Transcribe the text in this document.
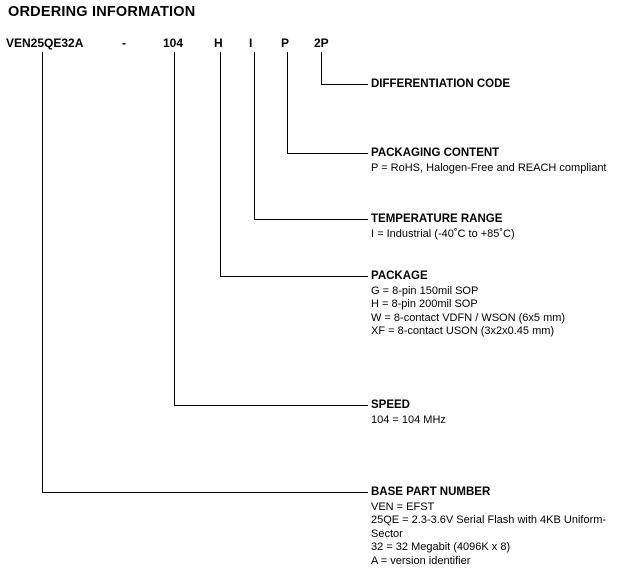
ORDERING INFORMATION
VEN25QE32A	-	104	H I P 2P
DIFFERENTIATION CODE
PACKAGING CONTENT
P = RoHS, Halogen-Free and REACH compliant
TEMPERATURE RANGE
I = Industrial (-40˚C to +85˚C)
PACKAGE
G = 8-pin 150mil SOP
H = 8-pin 200mil SOP
W = 8-contact VDFN / WSON (6x5 mm)
XF = 8-contact USON (3x2x0.45 mm)
SPEED
104 = 104 MHz
BASE PART NUMBER
VEN = EFST
25QE = 2.3-3.6V Serial Flash with 4KB Uniform-Sector
32 = 32 Megabit (4096K x 8)
A = version identifier
